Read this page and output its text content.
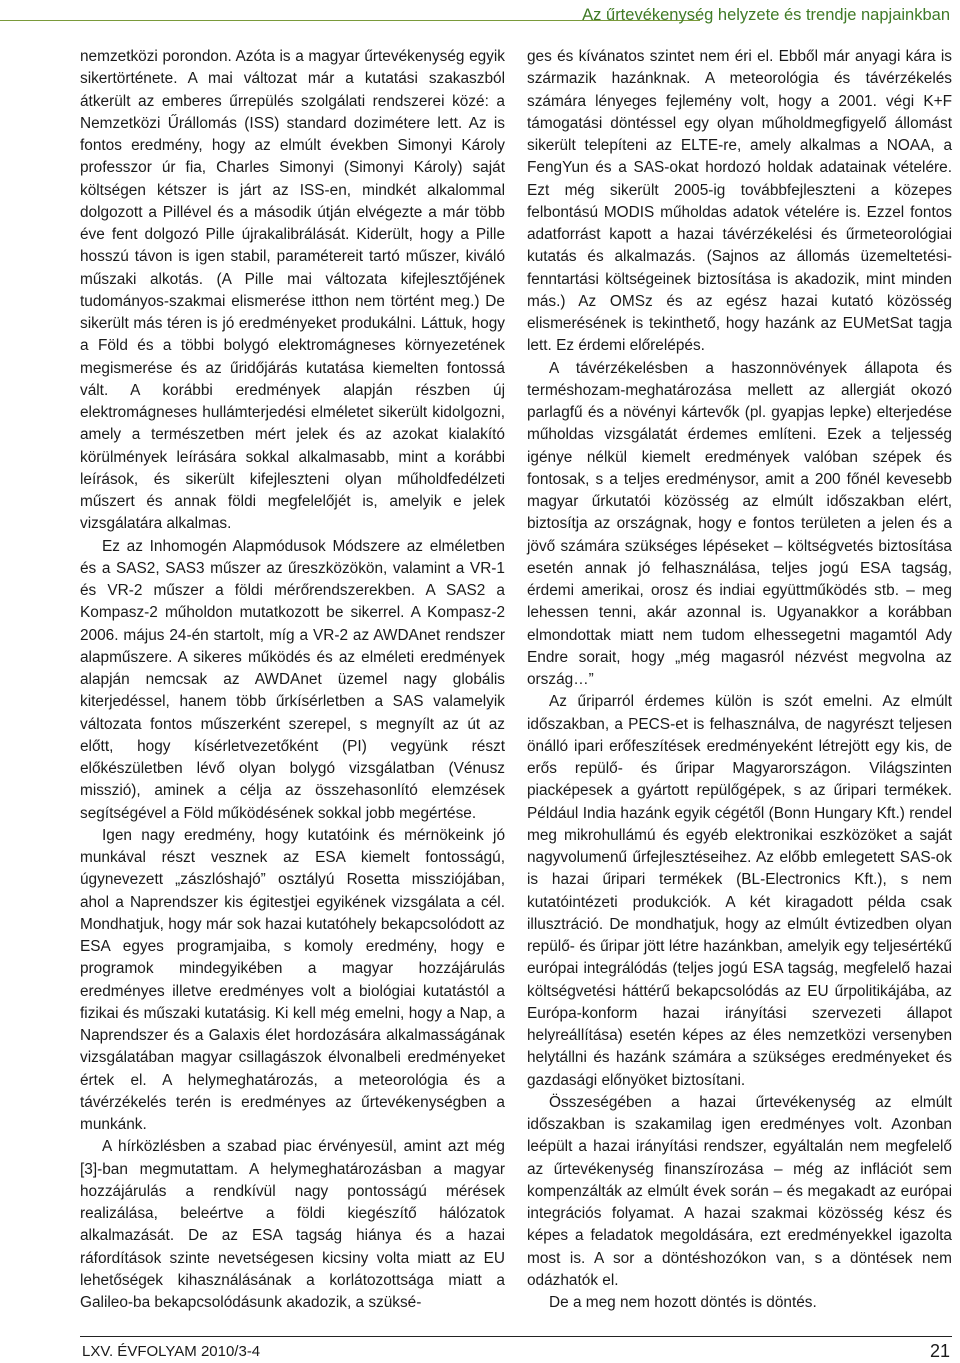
Az űrtevékenység helyzete és trendje napjainkban

nemzetközi porondon. Azóta is a magyar űrtevékenység egyik sikertörténete. A mai változat már a kutatási szakaszból átkerült az emberes űrrepülés szolgálati rendszerei közé: a Nemzetközi Űrállomás (ISS) standard dozimétere lett. Az is fontos eredmény, hogy az elmúlt években Simonyi Károly professzor úr fia, Charles Simonyi (Simonyi Károly) saját költségen kétszer is járt az ISS-en, mindkét alkalommal dolgozott a Pillével és a második útján elvégezte a már több éve fent dolgozó Pille újrakalibrálását. Kiderült, hogy a Pille hosszú távon is igen stabil, paramétereit tartó műszer, kiváló műszaki alkotás. (A Pille mai változata kifejlesztőjének tudományos-szakmai elismerése itthon nem történt meg.) De sikerült más téren is jó eredményeket produkálni. Láttuk, hogy a Föld és a többi bolygó elektromágneses környezetének megismerése és az űridőjárás kutatása kiemelten fontossá vált. A korábbi eredmények alapján részben új elektromágneses hullámterjedési elméletet sikerült kidolgozni, amely a természetben mért jelek és az azokat kialakító körülmények leírására sokkal alkalmasabb, mint a korábbi leírások, és sikerült kifejleszteni olyan műholdfedélzeti műszert és annak földi megfelelőjét is, amelyik e jelek vizsgálatára alkalmas.

Ez az Inhomogén Alapmódusok Módszere az elméletben és a SAS2, SAS3 műszer az űreszközökön, valamint a VR-1 és VR-2 műszer a földi mérőrendszerekben. A SAS2 a Kompasz-2 műholdon mutatkozott be sikerrel. A Kompasz-2 2006. május 24-én startolt, míg a VR-2 az AWDAnet rendszer alapműszere. A sikeres működés és az elméleti eredmények alapján nemcsak az AWDAnet üzemel nagy globális kiterjedéssel, hanem több űrkísérletben a SAS valamelyik változata fontos műszerként szerepel, s megnyílt az út az előtt, hogy kísérletvezetőként (PI) vegyünk részt előkészületben lévő olyan bolygó vizsgálatban (Vénusz misszió), aminek a célja az összehasonlító elemzések segítségével a Föld működésének sokkal jobb megértése.

Igen nagy eredmény, hogy kutatóink és mérnökeink jó munkával részt vesznek az ESA kiemelt fontosságú, úgynevezett „zászlóshajó” osztályú Rosetta missziójában, ahol a Naprendszer kis égitestjei egyikének vizsgálata a cél. Mondhatjuk, hogy már sok hazai kutatóhely bekapcsolódott az ESA egyes programjaiba, s komoly eredmény, hogy e programok mindegyikében a magyar hozzájárulás eredményes illetve eredményes volt a biológiai kutatástól a fizikai és műszaki kutatásig. Ki kell még emelni, hogy a Nap, a Naprendszer és a Galaxis élet hordozására alkalmasságának vizsgálatában magyar csillagászok élvonalbeli eredményeket értek el. A helymeghatározás, a meteorológia és a távérzékelés terén is eredményes az űrtevékenységben a munkánk.

A hírközlésben a szabad piac érvényesül, amint azt még [3]-ban megmutattam. A helymeghatározásban a magyar hozzájárulás a rendkívül nagy pontosságú mérések realizálása, beleértve a földi kiegészítő hálózatok alkalmazását. De az ESA tagság hiánya és a hazai ráfordítások szinte nevetségesen kicsiny volta miatt az EU lehetőségek kihasználásának a korlátozottsága miatt a Galileo-ba bekapcsolódásunk akadozik, a szüksé-

ges és kívánatos szintet nem éri el. Ebből már anyagi kára is származik hazánknak. A meteorológia és távérzékelés számára lényeges fejlemény volt, hogy a 2001. végi K+F támogatási döntéssel egy olyan műholdmegfigyelő állomást sikerült telepíteni az ELTE-re, amely alkalmas a NOAA, a FengYun és a SAS-okat hordozó holdak adatainak vételére. Ezt még sikerült 2005-ig továbbfejleszteni a közepes felbontású MODIS műholdas adatok vételére is. Ezzel fontos adatforrást kapott a hazai távérzékelési és űrmeteorológiai kutatás és alkalmazás. (Sajnos az állomás üzemeltetési-fenntartási költségeinek biztosítása is akadozik, mint minden más.) Az OMSz és az egész hazai kutató közösség elismerésének is tekinthető, hogy hazánk az EUMetSat tagja lett. Ez érdemi előrelépés.

A távérzékelésben a haszonnövények állapota és terméshozam-meghatározása mellett az allergiát okozó parlagfű és a növényi kártevők (pl. gyapjas lepke) elterjedése műholdas vizsgálatát érdemes említeni. Ezek a teljesség igénye nélkül kiemelt eredmények valóban szépek és fontosak, s a teljes eredménysor, amit a 200 főnél kevesebb magyar űrkutatói közösség az elmúlt időszakban elért, biztosítja az országnak, hogy e fontos területen a jelen és a jövő számára szükséges lépéseket – költségvetés biztosítása esetén annak jó felhasználása, teljes jogú ESA tagság, érdemi amerikai, orosz és indiai együttműködés stb. – meg lehessen tenni, akár azonnal is. Ugyanakkor a korábban elmondottak miatt nem tudom elhessegetni magamtól Ady Endre sorait, hogy „még magasról nézvést megvolna az ország…”

Az űriparról érdemes külön is szót emelni. Az elmúlt időszakban, a PECS-et is felhasználva, de nagyrészt teljesen önálló ipari erőfeszítések eredményeként létrejött egy kis, de erős repülő- és űripar Magyarországon. Világszinten piacképesek a gyártott repülőgépek, s az űripari termékek. Például India hazánk egyik cégétől (Bonn Hungary Kft.) rendel meg mikrohullámú és egyéb elektronikai eszközöket a saját nagyvolumenű űrfejlesztéseihez. Az előbb emlegetett SAS-ok is hazai űripari termékek (BL-Electronics Kft.), s nem kutatóintézeti produkciók. A két kiragadott példa csak illusztráció. De mondhatjuk, hogy az elmúlt évtizedben olyan repülő- és űripar jött létre hazánkban, amelyik egy teljesértékű európai integrálódás (teljes jogú ESA tagság, megfelelő hazai költségvetési háttérű bekapcsolódás az EU űrpolitikájába, az Európa-konform hazai irányítási szervezeti állapot helyreállítása) esetén képes az éles nemzetközi versenyben helytállni és hazánk számára a szükséges eredményeket és gazdasági előnyöket biztosítani.

Összeségében a hazai űrtevékenység az elmúlt időszakban is szakamilag igen eredményes volt. Azonban leépült a hazai irányítási rendszer, egyáltalán nem megfelelő az űrtevékenység finanszírozása – még az inflációt sem kompenzálták az elmúlt évek során – és megakadt az európai integrációs folyamat. A hazai szakmai közösség kész és képes a feladatok megoldására, ezt eredményekkel igazolta most is. A sor a döntéshozókon van, s a döntések nem odázhatók el.

De a meg nem hozott döntés is döntés.

LXV. ÉVFOLYAM 2010/3-4	21
